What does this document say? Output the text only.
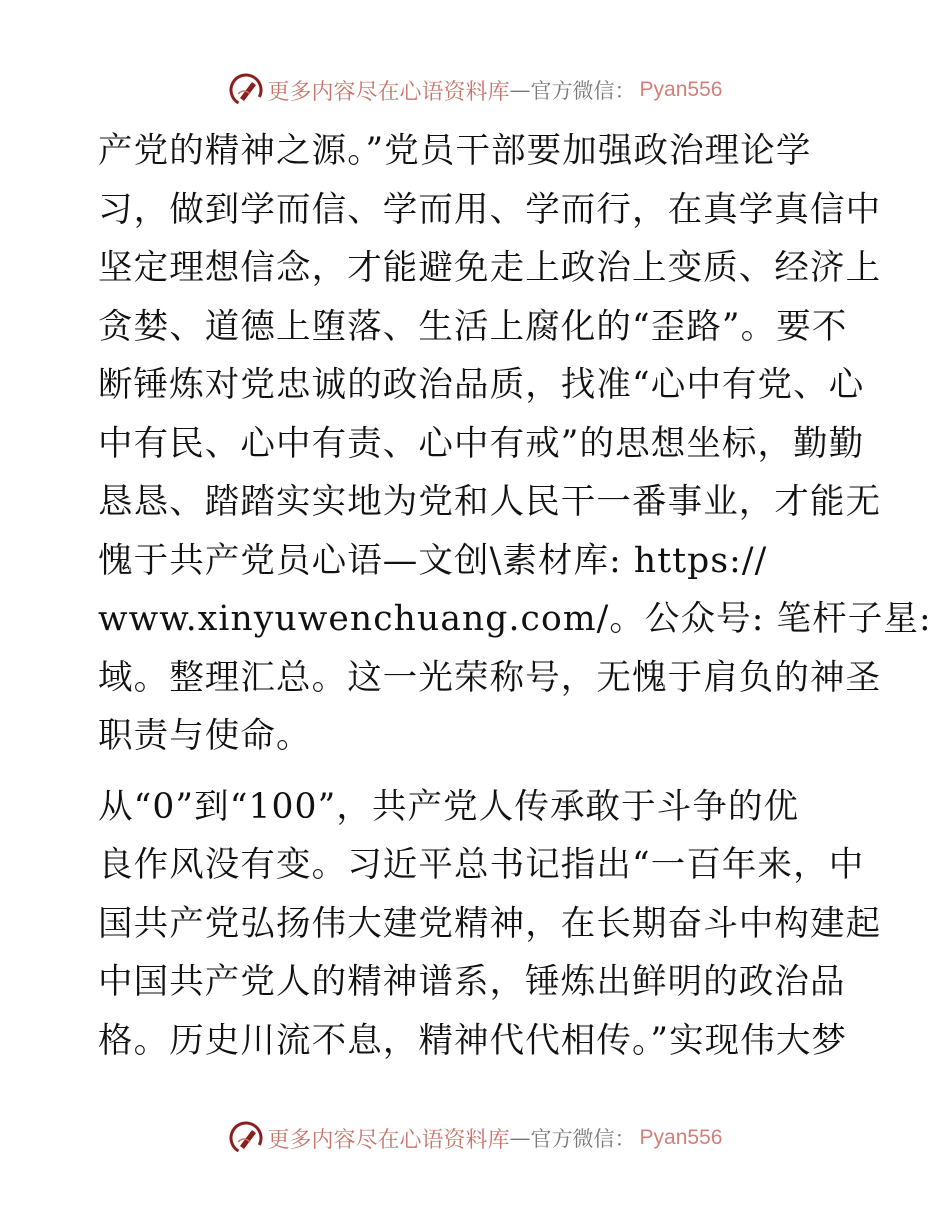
更多内容尽在心语资料库 — 官方微信： Pyan556

产党的精神之源。”党员干部要加强政治理论学
习，做到学而信、学而用、学而行，在真学真信中
坚定理想信念，才能避免走上政治上变质、经济上
贪婪、道德上堕落、生活上腐化的“歪路”。要不
断锤炼对党忠诚的政治品质，找准“心中有党、心
中有民、心中有责、心中有戒”的思想坐标，勤勤
恳恳、踏踏实实地为党和人民干一番事业，才能无
愧于共产党员心语—文创\素材库: https://
www.xinyuwenchuang.com/。公众号: 笔杆子星:
域。整理汇总。这一光荣称号，无愧于肩负的神圣
职责与使命。

从“0”到“100”，共产党人传承敢于斗争的优
良作风没有变。习近平总书记指出“一百年来，中
国共产党弘扬伟大建党精神，在长期奋斗中构建起
中国共产党人的精神谱系，锤炼出鲜明的政治品
格。历史川流不息，精神代代相传。”实现伟大梦

更多内容尽在心语资料库 — 官方微信： Pyan556
